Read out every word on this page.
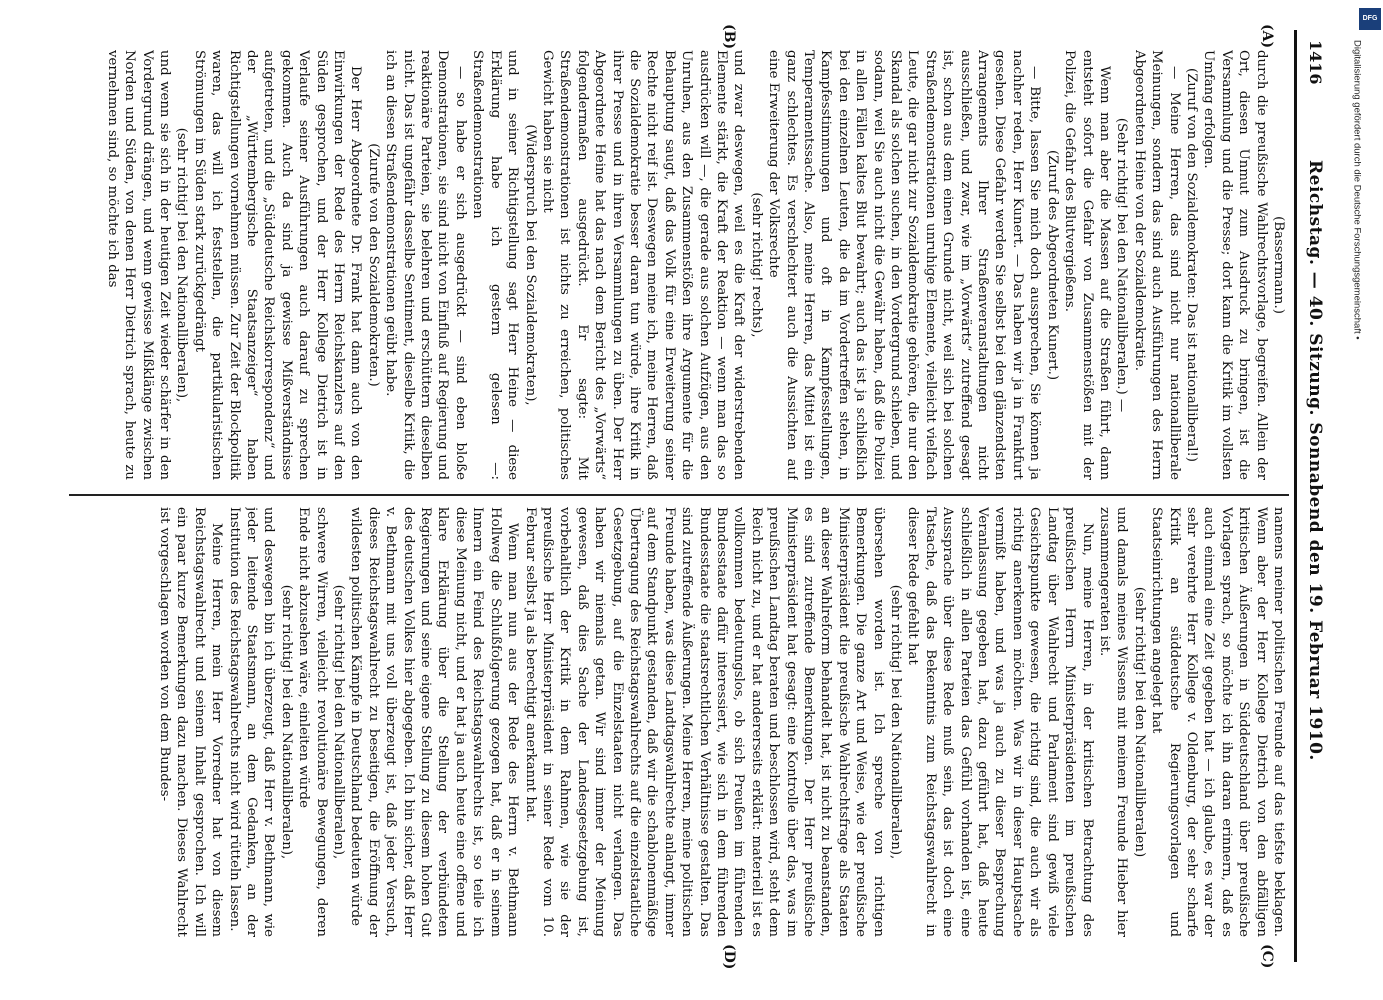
1416
Reichstag. — 40. Sitzung. Sonnabend den 19. Februar 1910.
(A)
(B)
(C)
(D)

(Bassermann.)

durch die preußische Wahlrechtsvorlage, begreifen. Allein der Ort, diesen Unmut zum Ausdruck zu bringen, ist die Versammlung und die Presse; dort kann die Kritik im vollsten Umfang erfolgen.

(Zuruf von den Sozialdemokraten: Das ist nationalliberal!)

— Meine Herren, das sind nicht nur nationalliberale Meinungen, sondern das sind auch Ausführungen des Herrn Abgeordneten Heine von der Sozialdemokratie.

(Sehr richtig! bei den Nationalliberalen.) —

Wenn man aber die Massen auf die Straßen führt, dann entsteht sofort die Gefahr von Zusammenstößen mit der Polizei, die Gefahr des Blutvergießens.

(Zuruf des Abgeordneten Kunert.)

— Bitte, lassen Sie mich doch aussprechen, Sie können ja nachher reden, Herr Kunert. — Das haben wir ja in Frankfurt gesehen. Diese Gefahr werden Sie selbst bei den glänzendsten Arrangements Ihrer Straßenveranstaltungen nicht ausschließen, und zwar, wie im „Vorwärts“ zutreffend gesagt ist, schon aus dem einen Grunde nicht, weil sich bei solchen Straßendemonstrationen unruhige Elemente, vielleicht vielfach Leute, die gar nicht zur Sozialdemokratie gehören, die nur den Skandal als solchen suchen, in den Vordergrund schieben, und sodann, weil Sie auch nicht die Gewähr haben, daß die Polizei in allen Fällen kaltes Blut bewahrt; auch das ist ja schließlich bei den einzelnen Leuten, die da im Vordertreffen stehen, in Kampfesstimmungen und oft in Kampfesstellungen, Temperamentssache. Also, meine Herren, das Mittel ist ein ganz schlechtes. Es verschlechtert auch die Aussichten auf eine Erweiterung der Volksrechte

(sehr richtig! rechts),

und zwar deswegen, weil es die Kraft der widerstrebenden Elemente stärkt, die Kraft der Reaktion — wenn man das so ausdrücken will —, die gerade aus solchen Aufzügen, aus den Unruhen, aus den Zusammenstößen ihre Argumente für die Behauptung saugt, daß das Volk für eine Erweiterung seiner Rechte nicht reif ist. Deswegen meine ich, meine Herren, daß die Sozialdemokratie besser daran tun würde, ihre Kritik in ihrer Presse und in ihren Versammlungen zu üben. Der Herr Abgeordnete Heine hat das nach dem Bericht des „Vorwärts“ folgendermaßen ausgedrückt. Er sagte: Mit Straßendemonstrationen ist nichts zu erreichen, politisches Gewicht haben sie nicht

(Widerspruch bei den Sozialdemokraten),

und in seiner Richtigstellung sagt Herr Heine — diese Erklärung habe ich gestern gelesen —: Straßendemonstrationen

— so habe er sich ausgedrückt — sind eben bloße Demonstrationen, sie sind nicht von Einfluß auf Regierung und reaktionäre Parteien, sie belehren und erschüttern dieselben nicht. Das ist ungefähr dasselbe Sentiment, dieselbe Kritik, die ich an diesen Straßendemonstrationen geübt habe.

(Zurufe von den Sozialdemokraten.)

Der Herr Abgeordnete Dr. Frank hat dann auch von den Einwirkungen der Rede des Herrn Reichskanzlers auf den Süden gesprochen, und der Herr Kollege Dietrich ist in Verlaufe seiner Ausführungen auch darauf zu sprechen gekommen. Auch da sind ja gewisse Mißverständnisse aufgetreten, und die „Süddeutsche Reichskorrespondenz“ und der „Württembergische Staatsanzeiger“ haben Richtigstellungen vornehmen müssen. Zur Zeit der Blockpolitik waren, das will ich feststellen, die partikularistischen Strömungen im Süden stark zurückgedrängt

(sehr richtig! bei den Nationalliberalen),

und wenn sie sich in der heutigen Zeit wieder schärfer in den Vordergrund drängen, und wenn gewisse Mißklänge zwischen Norden und Süden, von denen Herr Dietrich sprach, heute zu vernehmen sind, so möchte ich das

namens meiner politischen Freunde auf das tiefste beklagen. Wenn aber der Herr Kollege Dietrich von den abfälligen kritischen Äußerungen in Süddeutschland über preußische Vorlagen sprach, so möchte ich ihn daran erinnern, daß es auch einmal eine Zeit gegeben hat — ich glaube, es war der sehr verehrte Herr Kollege v. Oldenburg, der sehr scharfe Kritik an süddeutsche Regierungsvorlagen und Staatseinrichtungen angelegt hat

(sehr richtig! bei den Nationalliberalen)

und damals meines Wissens mit meinem Freunde Hieber hier zusammengeraten ist.

Nun, meine Herren, in der kritischen Betrachtung des preußischen Herrn Ministerpräsidenten im preußischen Landtag über Wahlrecht und Parlament sind gewiß viele Gesichtspunkte gewesen, die richtig sind, die auch wir als richtig anerkennen möchten. Was wir in dieser Hauptsache vermißt haben, und was ja auch zu dieser Besprechung Veranlassung gegeben hat, dazu geführt hat, daß heute schließlich in allen Parteien das Gefühl vorhanden ist, eine Aussprache über diese Rede muß sein, das ist doch eine Tatsache, daß das Bekenntnis zum Reichstagswahlrecht in dieser Rede gefehlt hat

(sehr richtig! bei den Nationalliberalen),

übersehen worden ist. Ich spreche von richtigen Bemerkungen. Die ganze Art und Weise, wie der preußische Ministerpräsident die preußische Wahlrechtsfrage als Staaten an dieser Wahlreform behandelt hat, ist nicht zu beanstanden, es sind zutreffende Bemerkungen. Der Herr preußische Ministerpräsident hat gesagt: eine Kontrolle über das, was im preußischen Landtag beraten und beschlossen wird, steht dem Reich nicht zu, und er hat andererseits erklärt: materiell ist es vollkommen bedeutungslos, ob sich Preußen im führenden Bundesstaate dafür interessiert, wie sich in dem führenden Bundesstaate die staatsrechtlichen Verhältnisse gestalten. Das sind zutreffende Äußerungen. Meine Herren, meine politischen Freunde haben, was diese Landtagswahlrechte anlangt, immer auf dem Standpunkt gestanden, daß wir die schablonenmäßige Übertragung des Reichstagswahlrechts auf die einzelstaatliche Gesetzgebung, auf die Einzelstaaten nicht verlangen. Das haben wir niemals getan. Wir sind immer der Meinung gewesen, daß dies Sache der Landesgesetzgebung ist, vorbehaltlich der Kritik in dem Rahmen, wie sie der preußische Herr Ministerpräsident in seiner Rede vom 10. Februar selbst ja als berechtigt anerkannt hat.

Wenn man nun aus der Rede des Herrn v. Bethmann Hollweg die Schlußfolgerung gezogen hat, daß er in seinem Innern ein Feind des Reichstagswahlrechts ist, so teile ich diese Meinung nicht, und er hat ja auch heute eine offene und klare Erklärung über die Stellung der verbündeten Regierungen und seine eigene Stellung zu diesem hohen Gut des deutschen Volkes hier abgegeben. Ich bin sicher, daß Herr v. Bethmann mit uns voll überzeugt ist, daß jeder Versuch, dieses Reichstagswahlrecht zu beseitigen, die Eröffnung der wildesten politischen Kämpfe in Deutschland bedeuten würde

(sehr richtig! bei den Nationalliberalen),

schwere Wirren, vielleicht revolutionäre Bewegungen, deren Ende nicht abzusehen wäre, einleiten würde

(sehr richtig! bei den Nationalliberalen),

und deswegen bin ich überzeugt, daß Herr v. Bethmann, wie jeder leitende Staatsmann, an dem Gedanken, an der Institution des Reichstagswahlrechts nicht wird rütteln lassen.

Meine Herren, mein Herr Vorredner hat von diesem Reichstagswahlrecht und seinem Inhalt gesprochen. Ich will ein paar kurze Bemerkungen dazu machen. Dieses Wahlrecht ist vorgeschlagen worden von dem Bundes-

DFG
Digitalisierung gefördert durch die Deutsche Forschungsgemeinschaft •
